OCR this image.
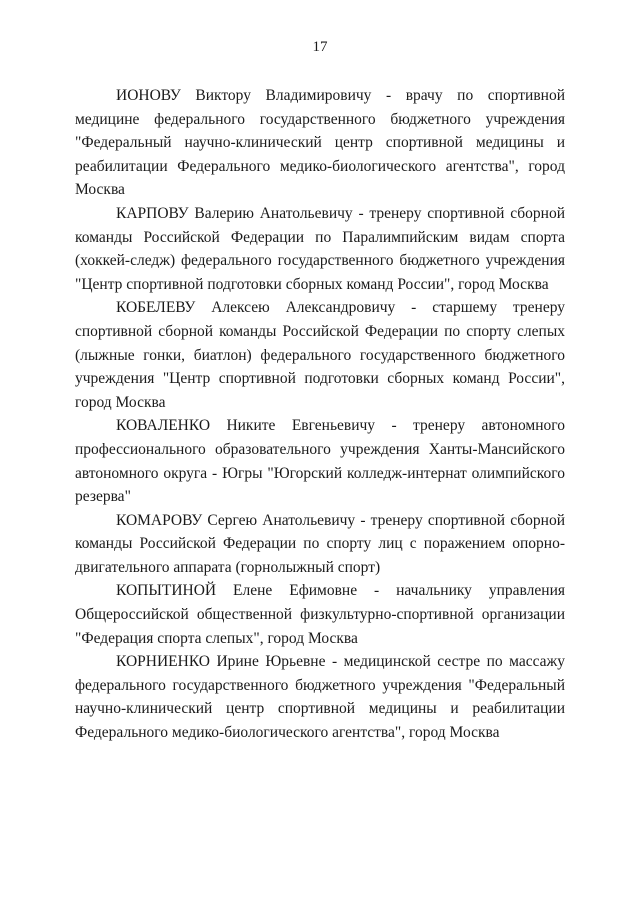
17

ИОНОВУ Виктору Владимировичу - врачу по спортивной медицине федерального государственного бюджетного учреждения "Федеральный научно-клинический центр спортивной медицины и реабилитации Федерального медико-биологического агентства", город Москва

КАРПОВУ Валерию Анатольевичу - тренеру спортивной сборной команды Российской Федерации по Паралимпийским видам спорта (хоккей-следж) федерального государственного бюджетного учреждения "Центр спортивной подготовки сборных команд России", город Москва

КОБЕЛЕВУ Алексею Александровичу - старшему тренеру спортивной сборной команды Российской Федерации по спорту слепых (лыжные гонки, биатлон) федерального государственного бюджетного учреждения "Центр спортивной подготовки сборных команд России", город Москва

КОВАЛЕНКО Никите Евгеньевичу - тренеру автономного профессионального образовательного учреждения Ханты-Мансийского автономного округа - Югры "Югорский колледж-интернат олимпийского резерва"

КОМАРОВУ Сергею Анатольевичу - тренеру спортивной сборной команды Российской Федерации по спорту лиц с поражением опорно-двигательного аппарата (горнолыжный спорт)

КОПЫТИНОЙ Елене Ефимовне - начальнику управления Общероссийской общественной физкультурно-спортивной организации "Федерация спорта слепых", город Москва

КОРНИЕНКО Ирине Юрьевне - медицинской сестре по массажу федерального государственного бюджетного учреждения "Федеральный научно-клинический центр спортивной медицины и реабилитации Федерального медико-биологического агентства", город Москва
